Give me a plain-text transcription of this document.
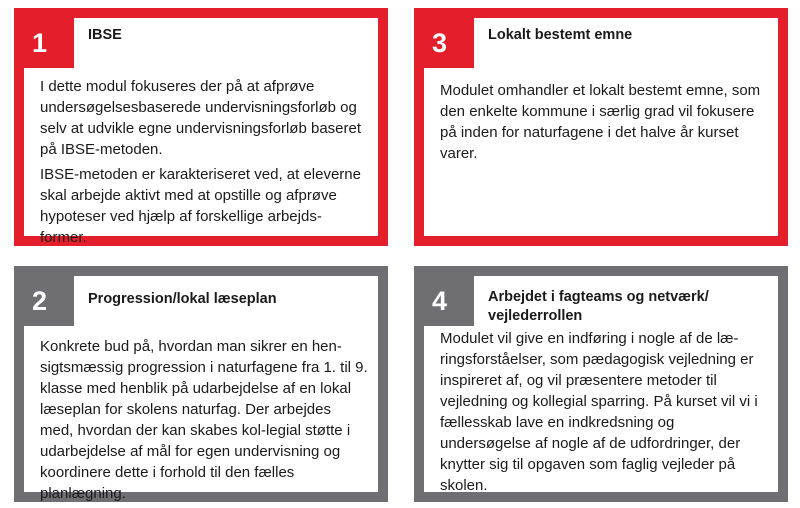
1	IBSE

I dette modul fokuseres der på at afprøve undersøgelsesbaserede undervisningsforløb og selv at udvikle egne undervisningsforløb baseret på IBSE-metoden.

IBSE-metoden er karakteriseret ved, at eleverne skal arbejde aktivt med at opstille og afprøve hypoteser ved hjælp af forskellige arbejds-former.

3	Lokalt bestemt emne

Modulet omhandler et lokalt bestemt emne, som den enkelte kommune i særlig grad vil fokusere på inden for naturfagene i det halve år kurset varer.

2	Progression/lokal læseplan

Konkrete bud på, hvordan man sikrer en hen-sigtsmæssig progression i naturfagene fra 1. til 9. klasse med henblik på udarbejdelse af en lokal læseplan for skolens naturfag. Der arbejdes med, hvordan der kan skabes kol-legial støtte i udarbejdelse af mål for egen undervisning og koordinere dette i forhold til den fælles planlægning.

4	Arbejdet i fagteams og netværk/ vejlederrollen

Modulet vil give en indføring i nogle af de læ-ringsforståelser, som pædagogisk vejledning er inspireret af, og vil præsentere metoder til vejledning og kollegial sparring. På kurset vil vi i fællesskab lave en indkredsning og undersøgelse af nogle af de udfordringer, der knytter sig til opgaven som faglig vejleder på skolen.
